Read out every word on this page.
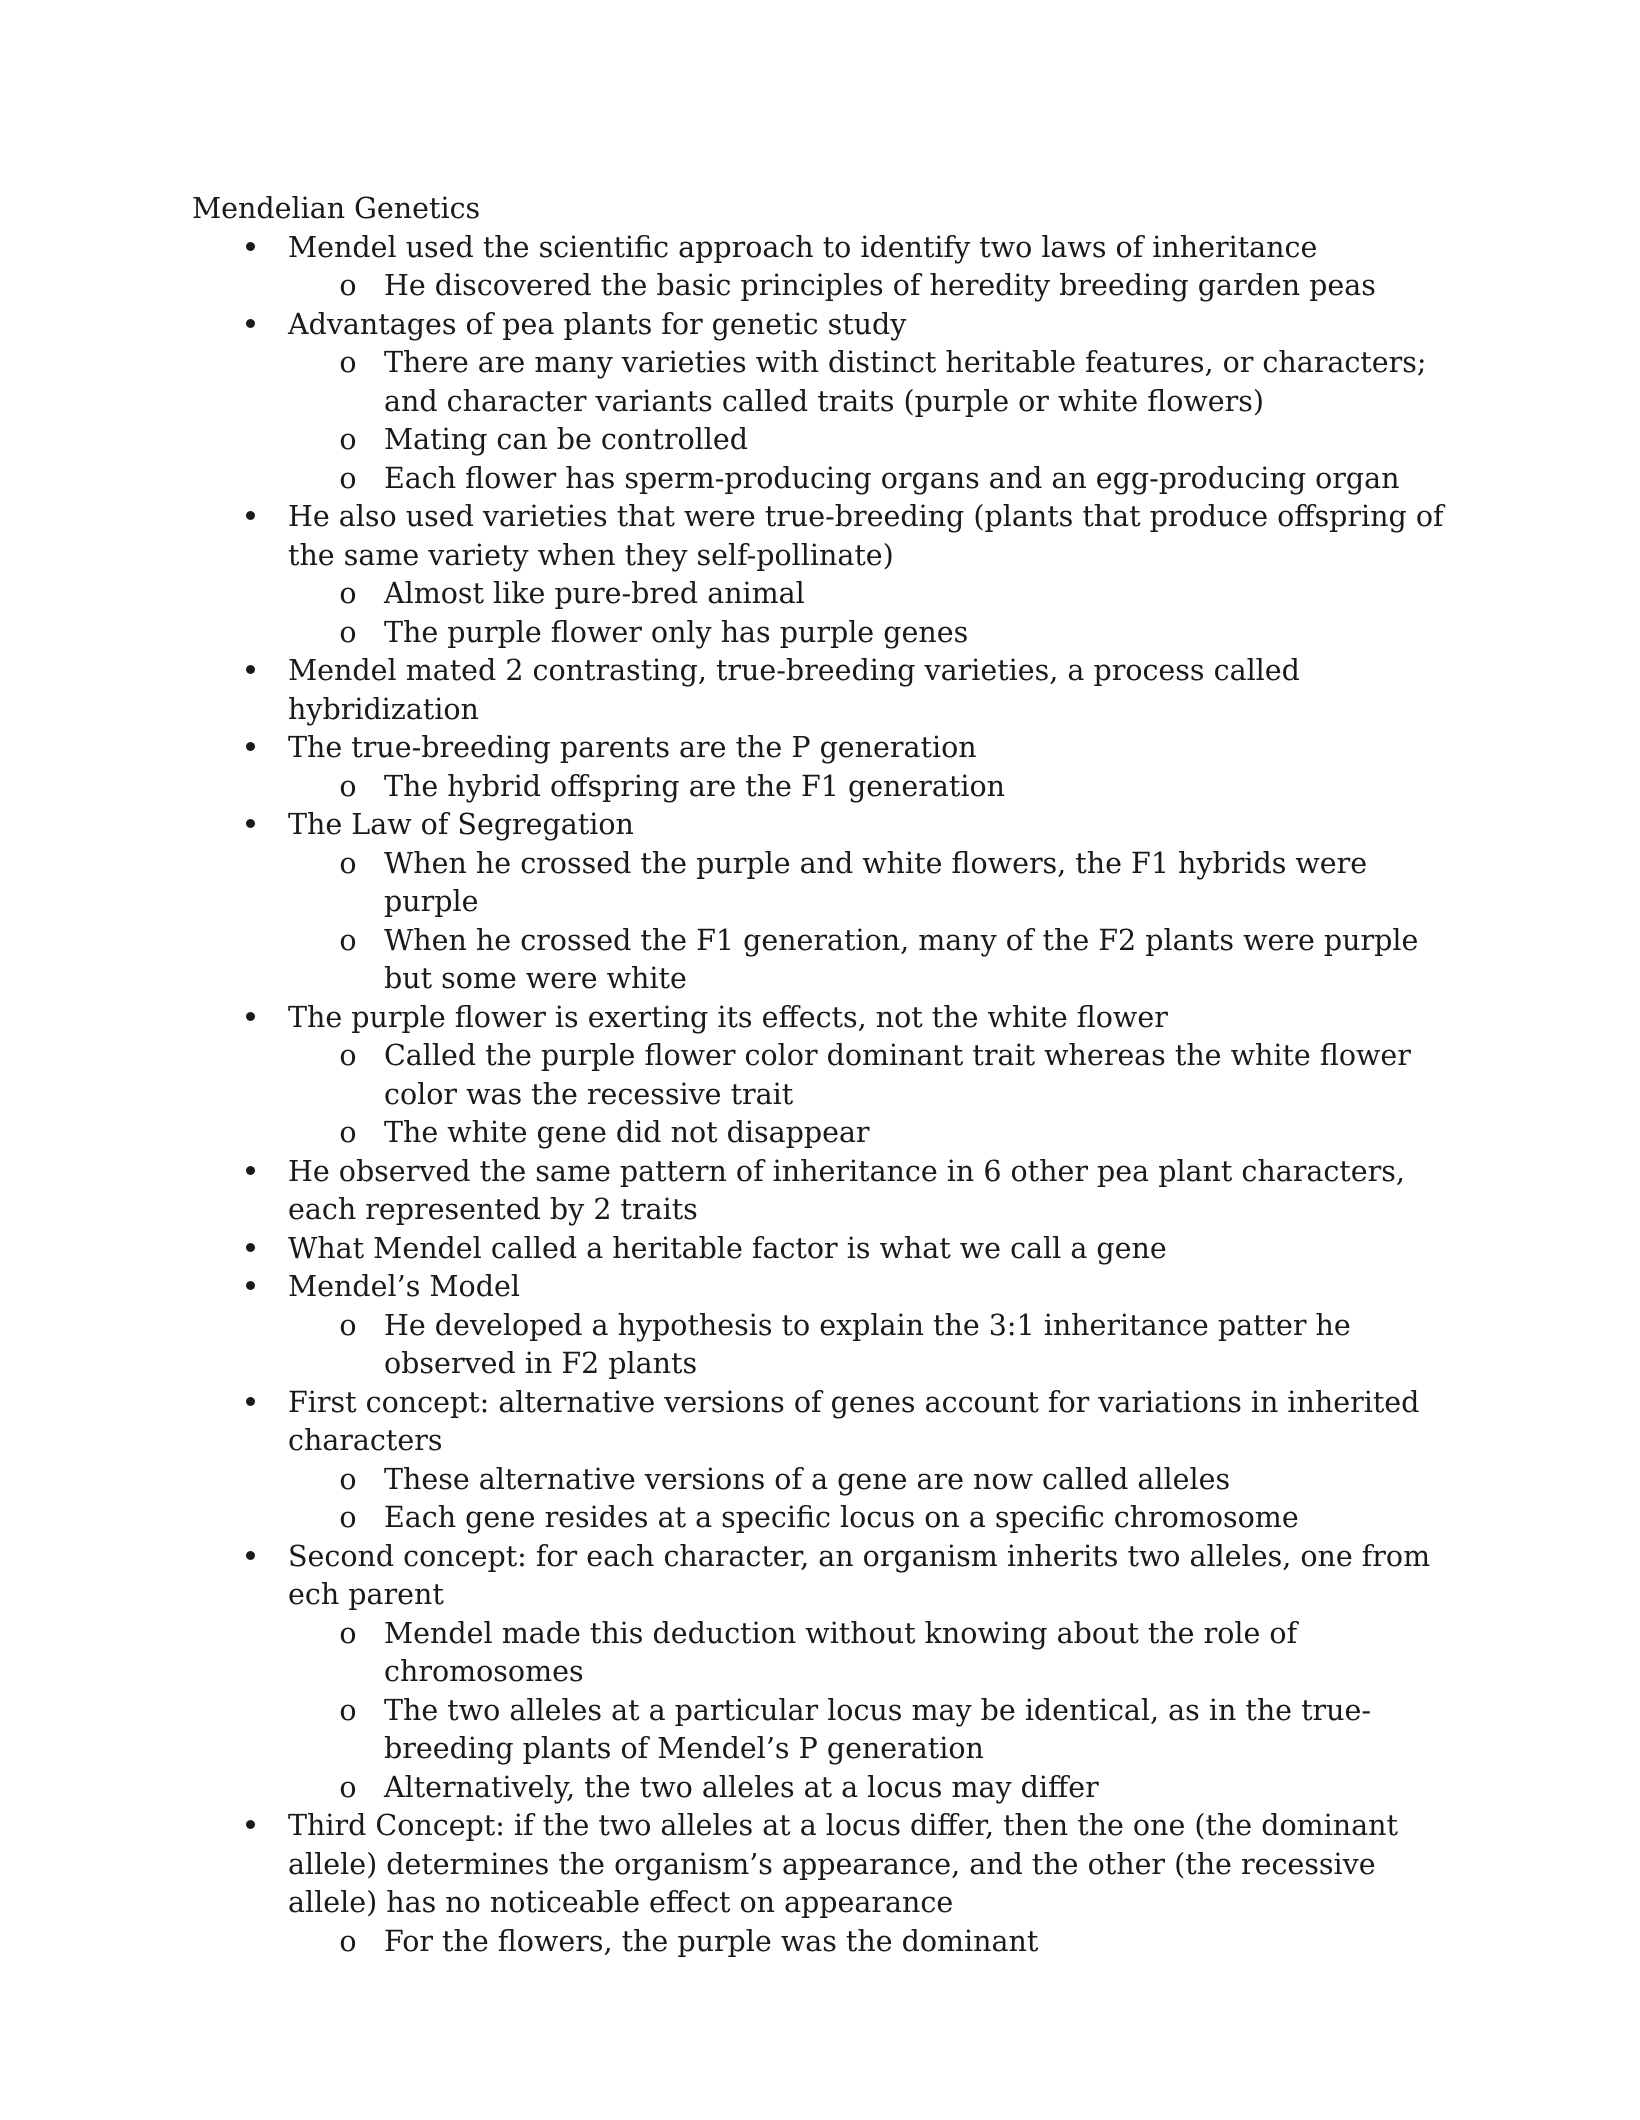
Mendelian Genetics
Mendel used the scientific approach to identify two laws of inheritance
o He discovered the basic principles of heredity breeding garden peas
Advantages of pea plants for genetic study
o There are many varieties with distinct heritable features, or characters; and character variants called traits (purple or white flowers)
o Mating can be controlled
o Each flower has sperm-producing organs and an egg-producing organ
He also used varieties that were true-breeding (plants that produce offspring of the same variety when they self-pollinate)
o Almost like pure-bred animal
o The purple flower only has purple genes
Mendel mated 2 contrasting, true-breeding varieties, a process called hybridization
The true-breeding parents are the P generation
o The hybrid offspring are the F1 generation
The Law of Segregation
o When he crossed the purple and white flowers, the F1 hybrids were purple
o When he crossed the F1 generation, many of the F2 plants were purple but some were white
The purple flower is exerting its effects, not the white flower
o Called the purple flower color dominant trait whereas the white flower color was the recessive trait
o The white gene did not disappear
He observed the same pattern of inheritance in 6 other pea plant characters, each represented by 2 traits
What Mendel called a heritable factor is what we call a gene
Mendel’s Model
o He developed a hypothesis to explain the 3:1 inheritance patter he observed in F2 plants
First concept: alternative versions of genes account for variations in inherited characters
o These alternative versions of a gene are now called alleles
o Each gene resides at a specific locus on a specific chromosome
Second concept: for each character, an organism inherits two alleles, one from ech parent
o Mendel made this deduction without knowing about the role of chromosomes
o The two alleles at a particular locus may be identical, as in the true-breeding plants of Mendel’s P generation
o Alternatively, the two alleles at a locus may differ
Third Concept: if the two alleles at a locus differ, then the one (the dominant allele) determines the organism’s appearance, and the other (the recessive allele) has no noticeable effect on appearance
o For the flowers, the purple was the dominant
